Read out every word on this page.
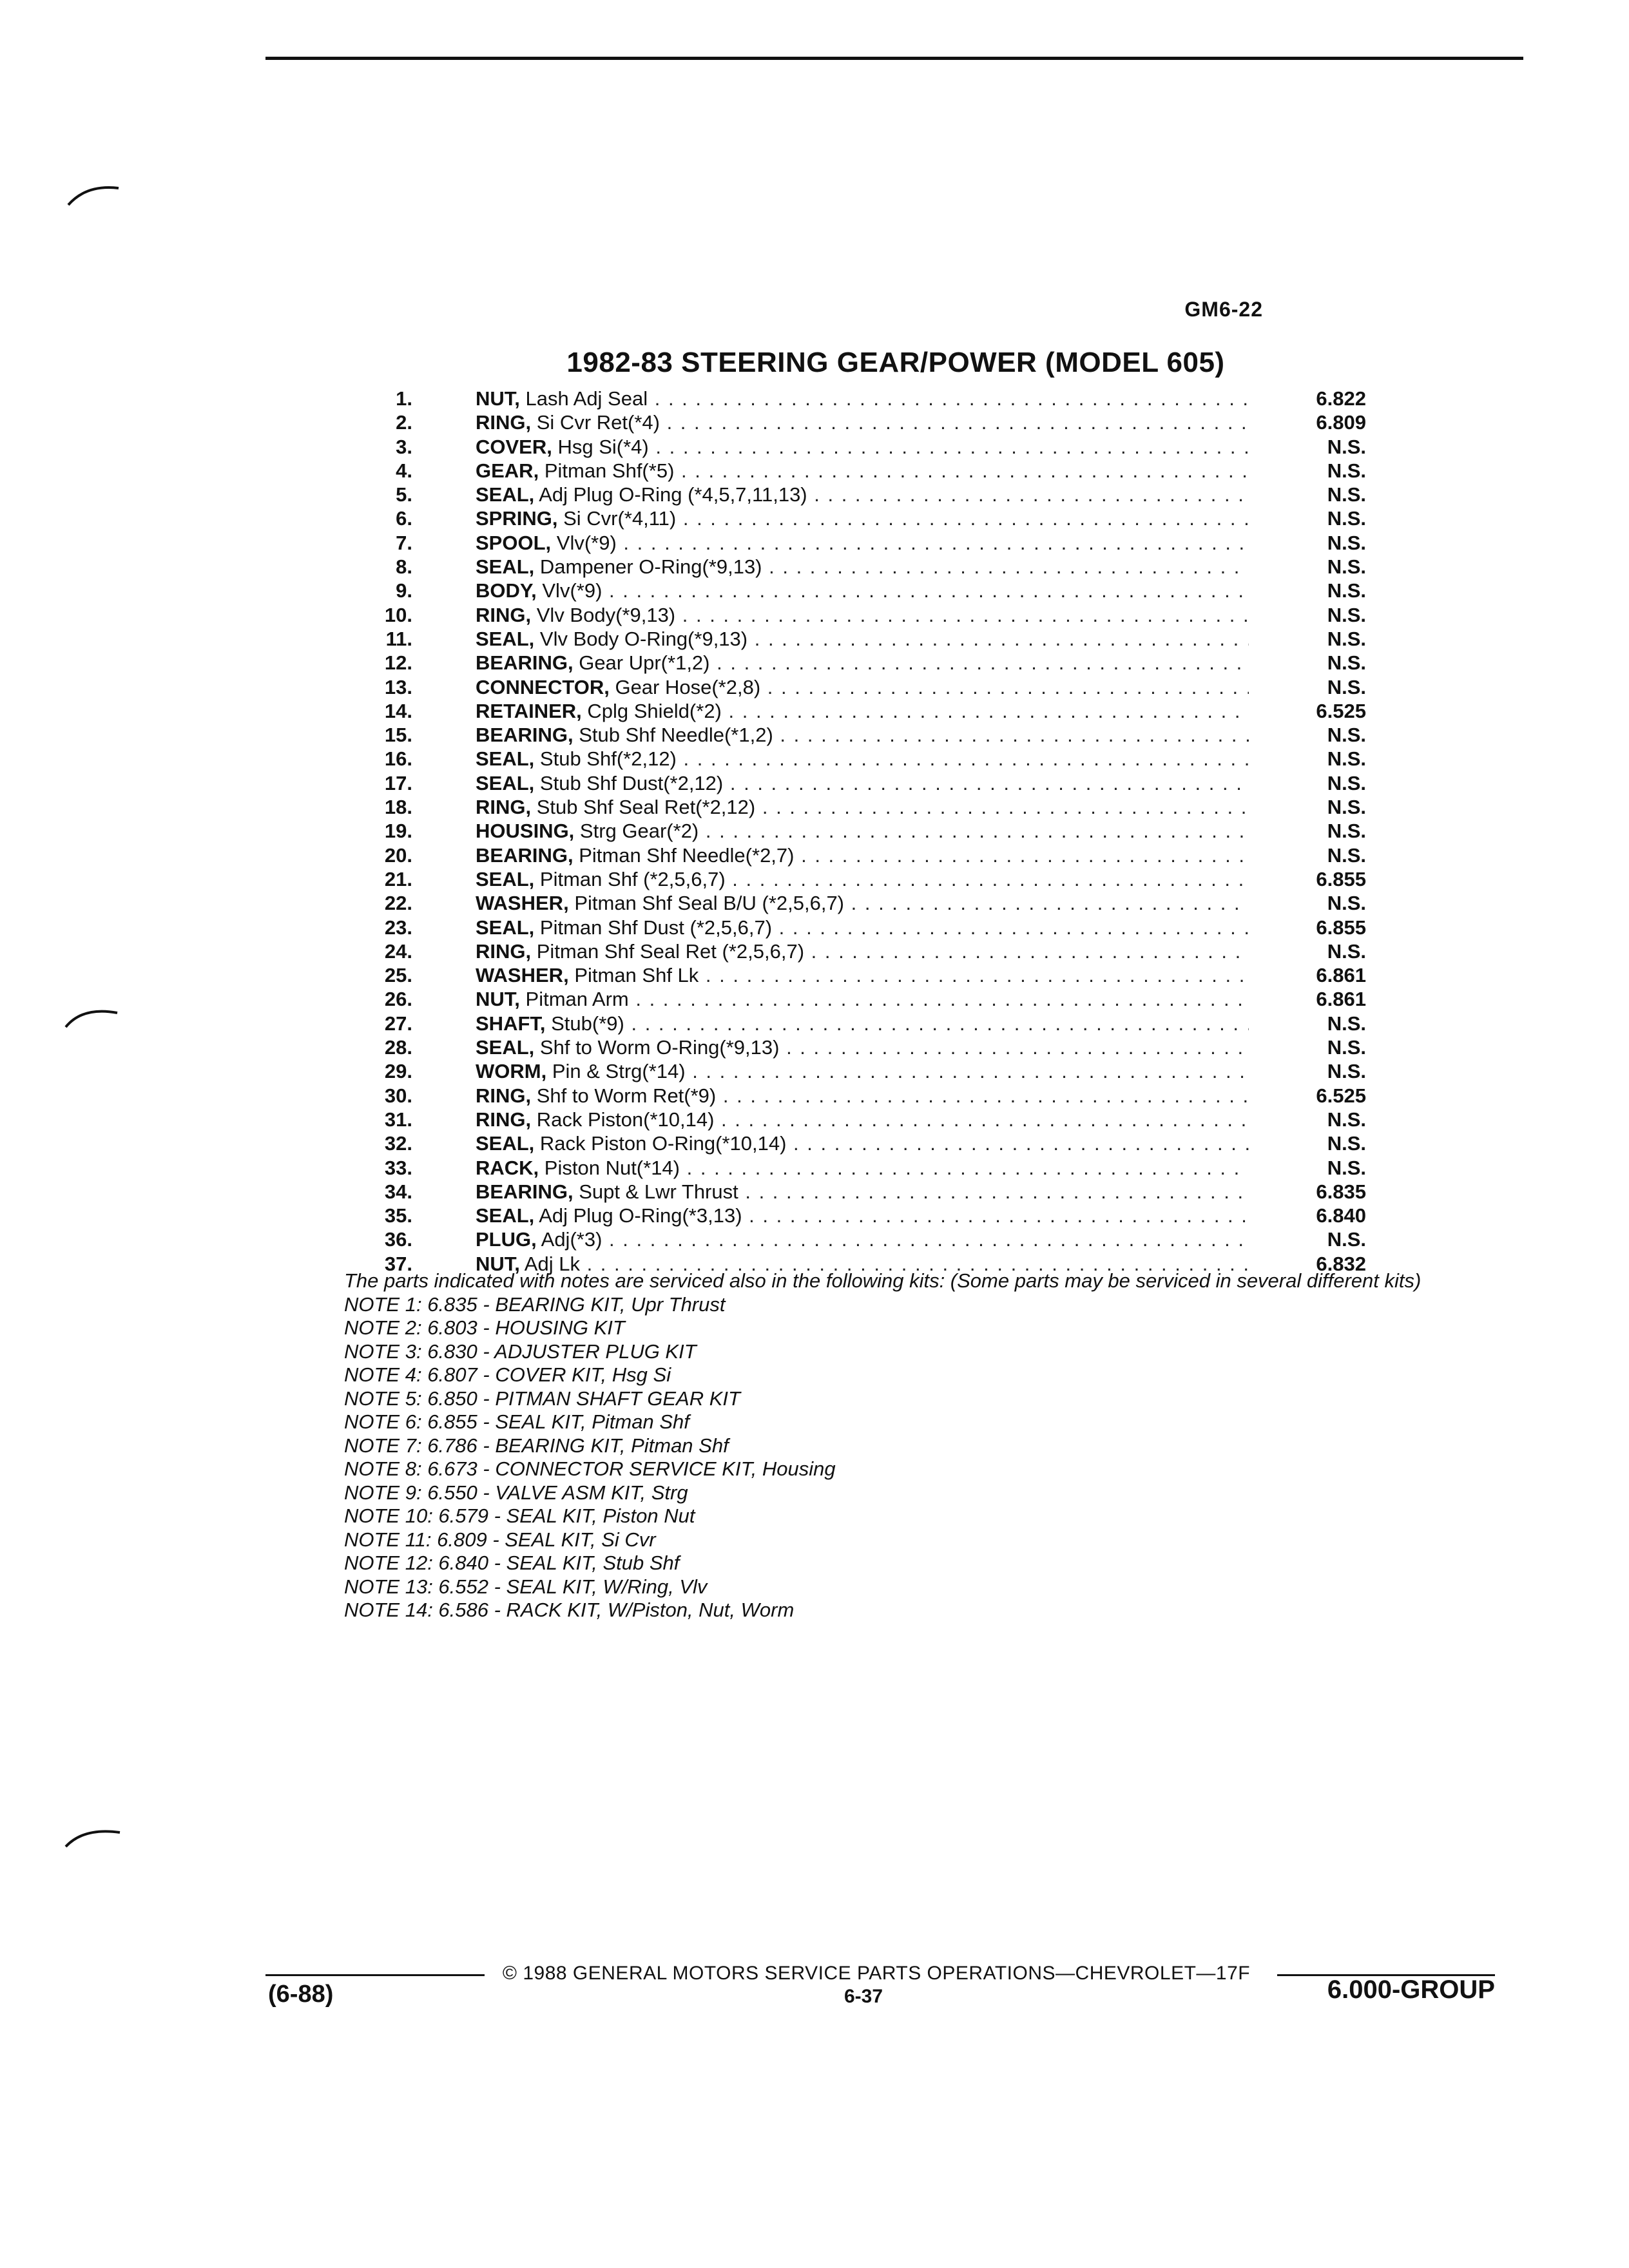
GM6-22
1982-83 STEERING GEAR/POWER (MODEL 605)
1.	NUT, Lash Adj Seal . . .	6.822
2.	RING, Si Cvr Ret(*4) . . .	6.809
3.	COVER, Hsg Si(*4) . . .	N.S.
4.	GEAR, Pitman Shf(*5) . . .	N.S.
5.	SEAL, Adj Plug O-Ring (*4,5,7,11,13) . . .	N.S.
6.	SPRING, Si Cvr(*4,11) . . .	N.S.
7.	SPOOL, Vlv(*9) . . .	N.S.
8.	SEAL, Dampener O-Ring(*9,13) . . .	N.S.
9.	BODY, Vlv(*9) . . .	N.S.
10.	RING, Vlv Body(*9,13) . . .	N.S.
11.	SEAL, Vlv Body O-Ring(*9,13) . . .	N.S.
12.	BEARING, Gear Upr(*1,2) . . .	N.S.
13.	CONNECTOR, Gear Hose(*2,8) . . .	N.S.
14.	RETAINER, Cplg Shield(*2) . . .	6.525
15.	BEARING, Stub Shf Needle(*1,2) . . .	N.S.
16.	SEAL, Stub Shf(*2,12) . . .	N.S.
17.	SEAL, Stub Shf Dust(*2,12) . . .	N.S.
18.	RING, Stub Shf Seal Ret(*2,12) . . .	N.S.
19.	HOUSING, Strg Gear(*2) . . .	N.S.
20.	BEARING, Pitman Shf Needle(*2,7) . . .	N.S.
21.	SEAL, Pitman Shf (*2,5,6,7) . . .	6.855
22.	WASHER, Pitman Shf Seal B/U (*2,5,6,7) . . .	N.S.
23.	SEAL, Pitman Shf Dust (*2,5,6,7) . . .	6.855
24.	RING, Pitman Shf Seal Ret (*2,5,6,7) . . .	N.S.
25.	WASHER, Pitman Shf Lk . . .	6.861
26.	NUT, Pitman Arm . . .	6.861
27.	SHAFT, Stub(*9) . . .	N.S.
28.	SEAL, Shf to Worm O-Ring(*9,13) . . .	N.S.
29.	WORM, Pin & Strg(*14) . . .	N.S.
30.	RING, Shf to Worm Ret(*9) . . .	6.525
31.	RING, Rack Piston(*10,14) . . .	N.S.
32.	SEAL, Rack Piston O-Ring(*10,14) . . .	N.S.
33.	RACK, Piston Nut(*14) . . .	N.S.
34.	BEARING, Supt & Lwr Thrust . . .	6.835
35.	SEAL, Adj Plug O-Ring(*3,13) . . .	6.840
36.	PLUG, Adj(*3) . . .	N.S.
37.	NUT, Adj Lk . . .	6.832
The parts indicated with notes are serviced also in the following kits: (Some parts may be serviced in several different kits)
NOTE 1: 6.835 - BEARING KIT, Upr Thrust
NOTE 2: 6.803 - HOUSING KIT
NOTE 3: 6.830 - ADJUSTER PLUG KIT
NOTE 4: 6.807 - COVER KIT, Hsg Si
NOTE 5: 6.850 - PITMAN SHAFT GEAR KIT
NOTE 6: 6.855 - SEAL KIT, Pitman Shf
NOTE 7: 6.786 - BEARING KIT, Pitman Shf
NOTE 8: 6.673 - CONNECTOR SERVICE KIT, Housing
NOTE 9: 6.550 - VALVE ASM KIT, Strg
NOTE 10: 6.579 - SEAL KIT, Piston Nut
NOTE 11: 6.809 - SEAL KIT, Si Cvr
NOTE 12: 6.840 - SEAL KIT, Stub Shf
NOTE 13: 6.552 - SEAL KIT, W/Ring, Vlv
NOTE 14: 6.586 - RACK KIT, W/Piston, Nut, Worm
© 1988 GENERAL MOTORS SERVICE PARTS OPERATIONS—CHEVROLET—17F
(6-88)	6-37	6.000-GROUP
